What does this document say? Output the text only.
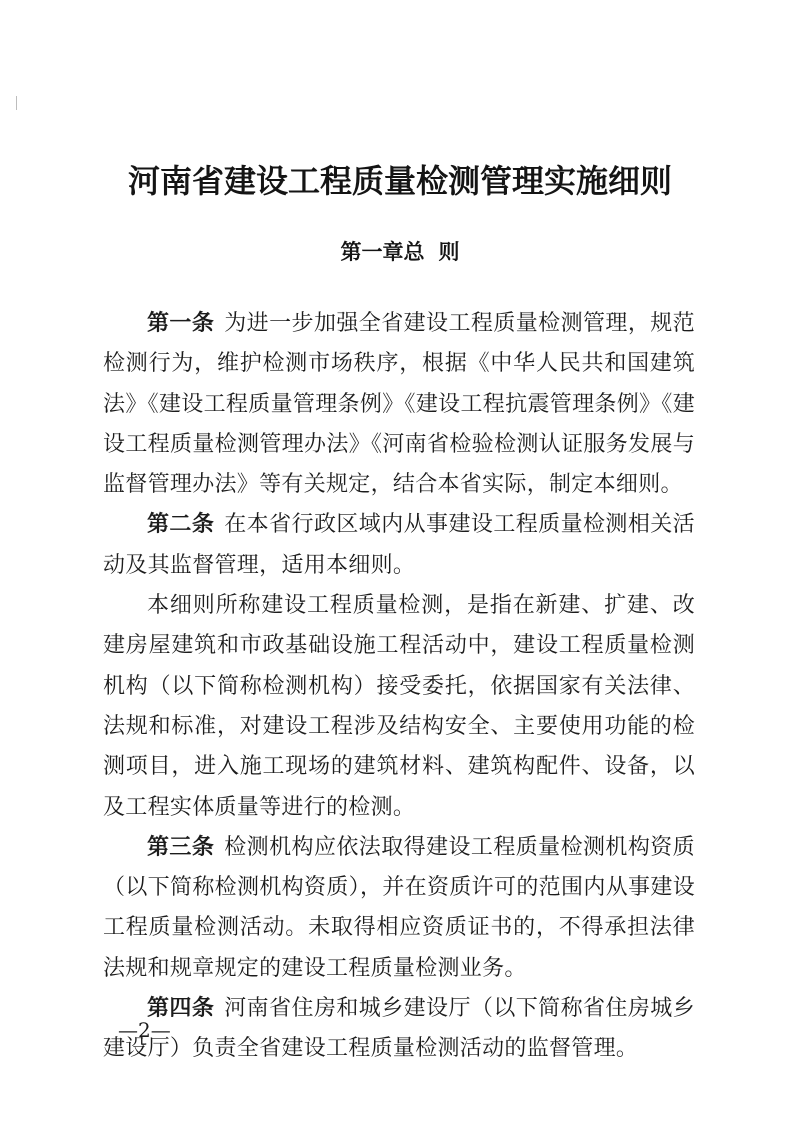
河南省建设工程质量检测管理实施细则
第一章总 则

第一条 为进一步加强全省建设工程质量检测管理，规范检测行为，维护检测市场秩序，根据《中华人民共和国建筑法》《建设工程质量管理条例》《建设工程抗震管理条例》《建设工程质量检测管理办法》《河南省检验检测认证服务发展与监督管理办法》等有关规定，结合本省实际，制定本细则。

第二条 在本省行政区域内从事建设工程质量检测相关活动及其监督管理，适用本细则。

本细则所称建设工程质量检测，是指在新建、扩建、改建房屋建筑和市政基础设施工程活动中，建设工程质量检测机构（以下简称检测机构）接受委托，依据国家有关法律、法规和标准，对建设工程涉及结构安全、主要使用功能的检测项目，进入施工现场的建筑材料、建筑构配件、设备，以及工程实体质量等进行的检测。

第三条 检测机构应依法取得建设工程质量检测机构资质（以下简称检测机构资质），并在资质许可的范围内从事建设工程质量检测活动。未取得相应资质证书的，不得承担法律法规和规章规定的建设工程质量检测业务。

第四条 河南省住房和城乡建设厅（以下简称省住房城乡建设厅）负责全省建设工程质量检测活动的监督管理。

—2—
